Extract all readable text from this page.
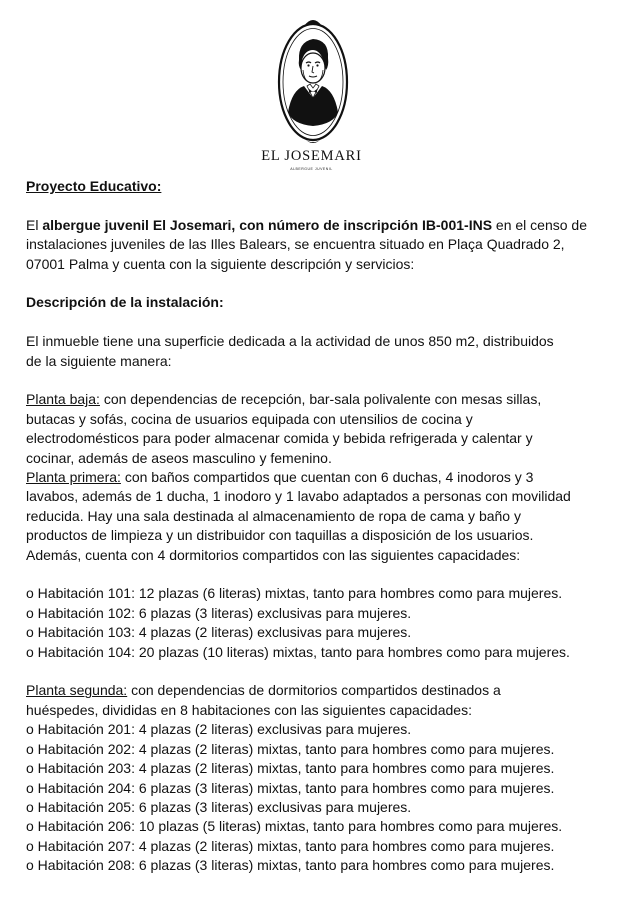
EL JOSEMARI
ALBERGUE JUVENIL

Proyecto Educativo:

El albergue juvenil El Josemari, con número de inscripción IB-001-INS en el censo de

instalaciones juveniles de las Illes Balears, se encuentra situado en Plaça Quadrado 2,

07001 Palma y cuenta con la siguiente descripción y servicios:

Descripción de la instalación:

El inmueble tiene una superficie dedicada a la actividad de unos 850 m2, distribuidos

de la siguiente manera:

Planta baja: con dependencias de recepción, bar-sala polivalente con mesas sillas,

butacas y sofás, cocina de usuarios equipada con utensilios de cocina y

electrodomésticos para poder almacenar comida y bebida refrigerada y calentar y

cocinar, además de aseos masculino y femenino.

Planta primera: con baños compartidos que cuentan con 6 duchas, 4 inodoros y 3

lavabos, además de 1 ducha, 1 inodoro y 1 lavabo adaptados a personas con movilidad

reducida. Hay una sala destinada al almacenamiento de ropa de cama y baño y

productos de limpieza y un distribuidor con taquillas a disposición de los usuarios.

Además, cuenta con 4 dormitorios compartidos con las siguientes capacidades:

o Habitación 101: 12 plazas (6 literas) mixtas, tanto para hombres como para mujeres.

o Habitación 102: 6 plazas (3 literas) exclusivas para mujeres.

o Habitación 103: 4 plazas (2 literas) exclusivas para mujeres.

o Habitación 104: 20 plazas (10 literas) mixtas, tanto para hombres como para mujeres.

Planta segunda: con dependencias de dormitorios compartidos destinados a

huéspedes, divididas en 8 habitaciones con las siguientes capacidades:

o Habitación 201: 4 plazas (2 literas) exclusivas para mujeres.

o Habitación 202: 4 plazas (2 literas) mixtas, tanto para hombres como para mujeres.

o Habitación 203: 4 plazas (2 literas) mixtas, tanto para hombres como para mujeres.

o Habitación 204: 6 plazas (3 literas) mixtas, tanto para hombres como para mujeres.

o Habitación 205: 6 plazas (3 literas) exclusivas para mujeres.

o Habitación 206: 10 plazas (5 literas) mixtas, tanto para hombres como para mujeres.

o Habitación 207: 4 plazas (2 literas) mixtas, tanto para hombres como para mujeres.

o Habitación 208: 6 plazas (3 literas) mixtas, tanto para hombres como para mujeres.
